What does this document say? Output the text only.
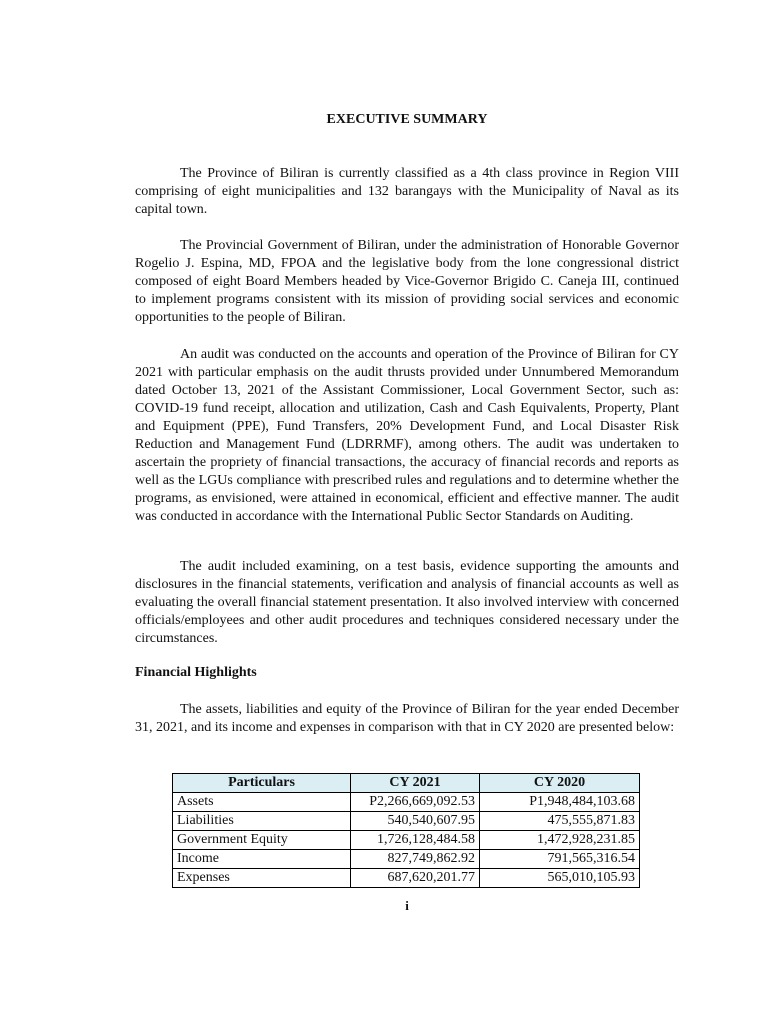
EXECUTIVE SUMMARY

The Province of Biliran is currently classified as a 4th class province in Region VIII comprising of eight municipalities and 132 barangays with the Municipality of Naval as its capital town.

The Provincial Government of Biliran, under the administration of Honorable Governor Rogelio J. Espina, MD, FPOA and the legislative body from the lone congressional district composed of eight Board Members headed by Vice-Governor Brigido C. Caneja III, continued to implement programs consistent with its mission of providing social services and economic opportunities to the people of Biliran.

An audit was conducted on the accounts and operation of the Province of Biliran for CY 2021 with particular emphasis on the audit thrusts provided under Unnumbered Memorandum dated October 13, 2021 of the Assistant Commissioner, Local Government Sector, such as: COVID-19 fund receipt, allocation and utilization, Cash and Cash Equivalents, Property, Plant and Equipment (PPE), Fund Transfers, 20% Development Fund, and Local Disaster Risk Reduction and Management Fund (LDRRMF), among others. The audit was undertaken to ascertain the propriety of financial transactions, the accuracy of financial records and reports as well as the LGUs compliance with prescribed rules and regulations and to determine whether the programs, as envisioned, were attained in economical, efficient and effective manner. The audit was conducted in accordance with the International Public Sector Standards on Auditing.

The audit included examining, on a test basis, evidence supporting the amounts and disclosures in the financial statements, verification and analysis of financial accounts as well as evaluating the overall financial statement presentation. It also involved interview with concerned officials/employees and other audit procedures and techniques considered necessary under the circumstances.

Financial Highlights

The assets, liabilities and equity of the Province of Biliran for the year ended December 31, 2021, and its income and expenses in comparison with that in CY 2020 are presented below:

Particulars	CY 2021	CY 2020
Assets	P2,266,669,092.53	P1,948,484,103.68
Liabilities	540,540,607.95	475,555,871.83
Government Equity	1,726,128,484.58	1,472,928,231.85
Income	827,749,862.92	791,565,316.54
Expenses	687,620,201.77	565,010,105.93

i
